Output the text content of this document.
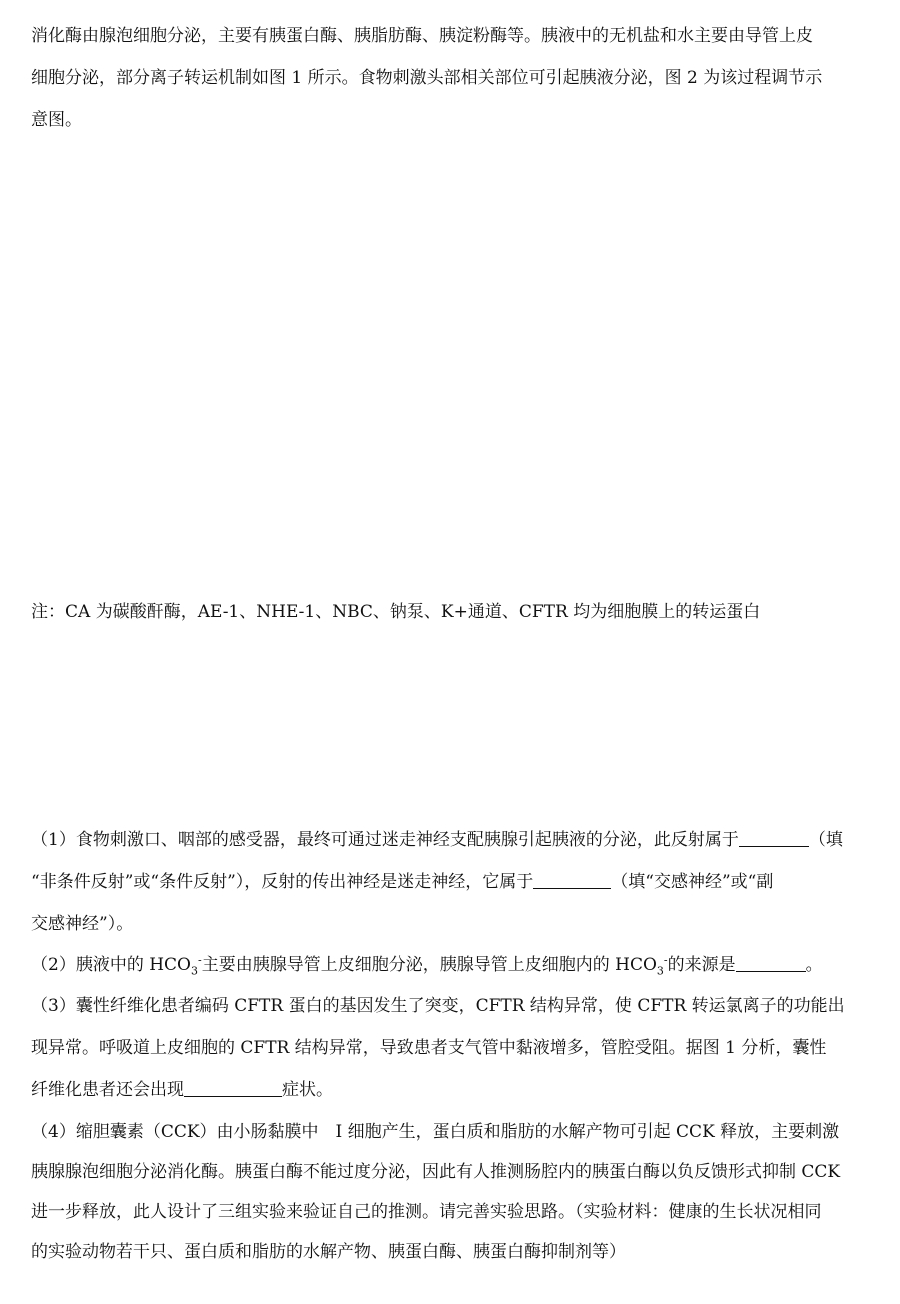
消化酶由腺泡细胞分泌，主要有胰蛋白酶、胰脂肪酶、胰淀粉酶等。胰液中的无机盐和水主要由导管上皮
细胞分泌，部分离子转运机制如图 1 所示。食物刺激头部相关部位可引起胰液分泌，图 2 为该过程调节示
意图。
注：CA 为碳酸酐酶，AE-1、NHE-1、NBC、钠泵、K+通道、CFTR 均为细胞膜上的转运蛋白
（1）食物刺激口、咽部的感受器，最终可通过迷走神经支配胰腺引起胰液的分泌，此反射属于	（填
“非条件反射”或“条件反射”），反射的传出神经是迷走神经，它属于	（填“交感神经”或“副
交感神经”）。
（2）胰液中的 $HCO_3^-$主要由胰腺导管上皮细胞分泌，胰腺导管上皮细胞内的 $HCO_3^-$的来源是	。
（3）囊性纤维化患者编码 CFTR 蛋白的基因发生了突变，CFTR 结构异常，使 CFTR 转运氯离子的功能出
现异常。呼吸道上皮细胞的 CFTR 结构异常，导致患者支气管中黏液增多，管腔受阻。据图 1 分析，囊性
纤维化患者还会出现	症状。
（4）缩胆囊素（CCK）由小肠黏膜中　I 细胞产生，蛋白质和脂肪的水解产物可引起 CCK 释放，主要刺激
胰腺腺泡细胞分泌消化酶。胰蛋白酶不能过度分泌，因此有人推测肠腔内的胰蛋白酶以负反馈形式抑制 CCK
进一步释放，此人设计了三组实验来验证自己的推测。请完善实验思路。（实验材料：健康的生长状况相同
的实验动物若干只、蛋白质和脂肪的水解产物、胰蛋白酶、胰蛋白酶抑制剂等）
